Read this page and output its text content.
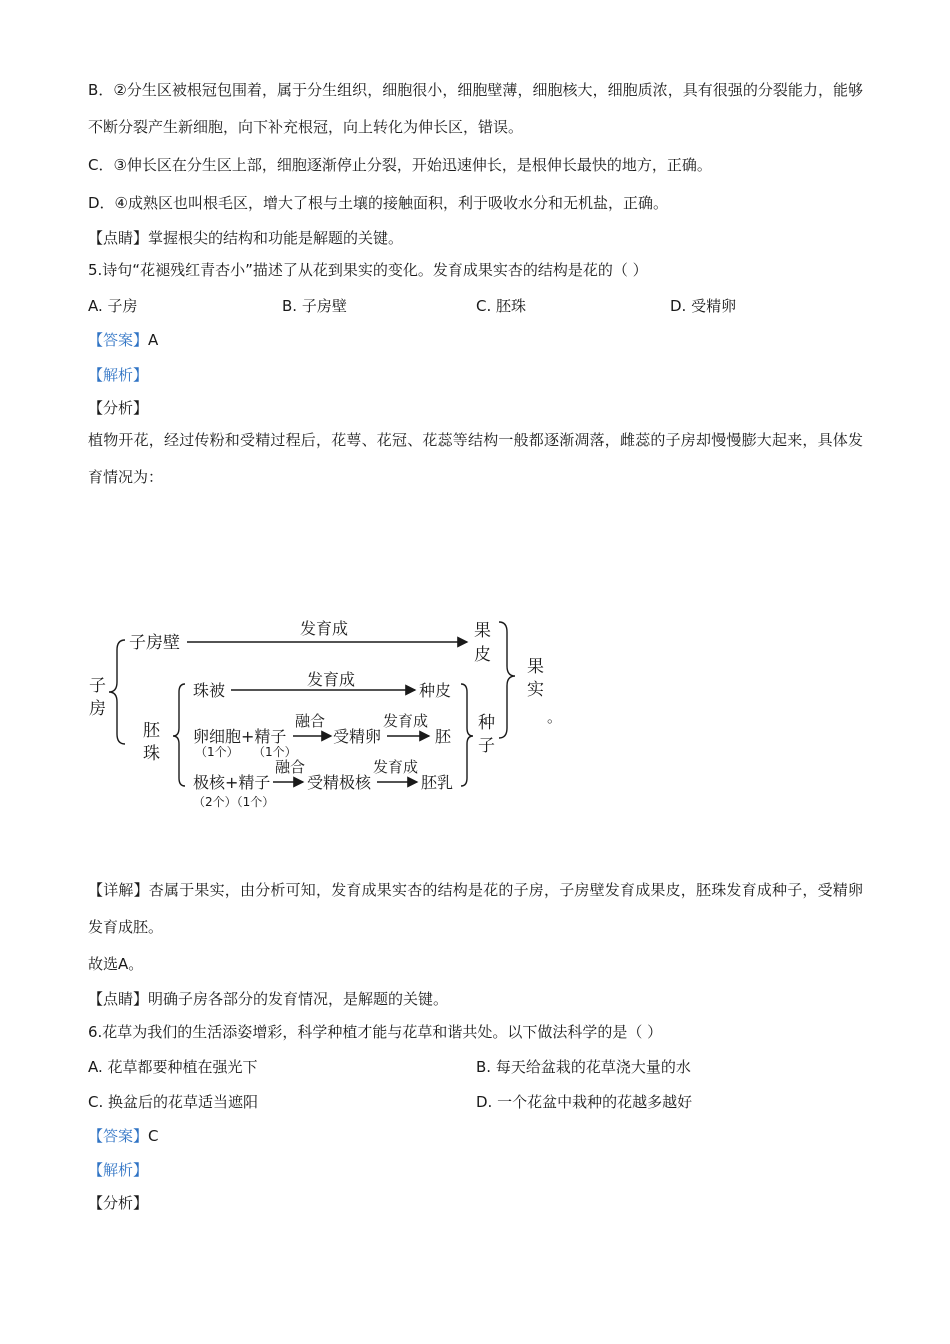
B．②分生区被根冠包围着，属于分生组织，细胞很小，细胞壁薄，细胞核大，细胞质浓，具有很强的分裂能力，能够不断分裂产生新细胞，向下补充根冠，向上转化为伸长区，错误。
C．③伸长区在分生区上部，细胞逐渐停止分裂，开始迅速伸长，是根伸长最快的地方，正确。
D．④成熟区也叫根毛区，增大了根与土壤的接触面积，利于吸收水分和无机盐，正确。
【点睛】掌握根尖的结构和功能是解题的关键。
5.诗句“花褪残红青杏小”描述了从花到果实的变化。发育成果实杏的结构是花的（ ）
A. 子房	B. 子房壁	C. 胚珠	D. 受精卵
【答案】A
【解析】
【分析】
植物开花，经过传粉和受精过程后，花萼、花冠、花蕊等结构一般都逐渐凋落，雌蕊的子房却慢慢膨大起来，具体发育情况为：
子
房
子房壁
发育成	果
皮
胚
珠
珠被
发育成
种皮
卵细胞+精子
（1个） （1个）
融合
受精卵
发育成
胚
极核+精子
（2个）（1个）
融合
受精极核
发育成
胚乳
种
子
果
实
。
【详解】杏属于果实，由分析可知，发育成果实杏的结构是花的子房，子房壁发育成果皮，胚珠发育成种子，受精卵发育成胚。
故选A。
【点睛】明确子房各部分的发育情况，是解题的关键。
6.花草为我们的生活添姿增彩，科学种植才能与花草和谐共处。以下做法科学的是（ ）
A. 花草都要种植在强光下	B. 每天给盆栽的花草浇大量的水
C. 换盆后的花草适当遮阳	D. 一个花盆中栽种的花越多越好
【答案】C
【解析】
【分析】
